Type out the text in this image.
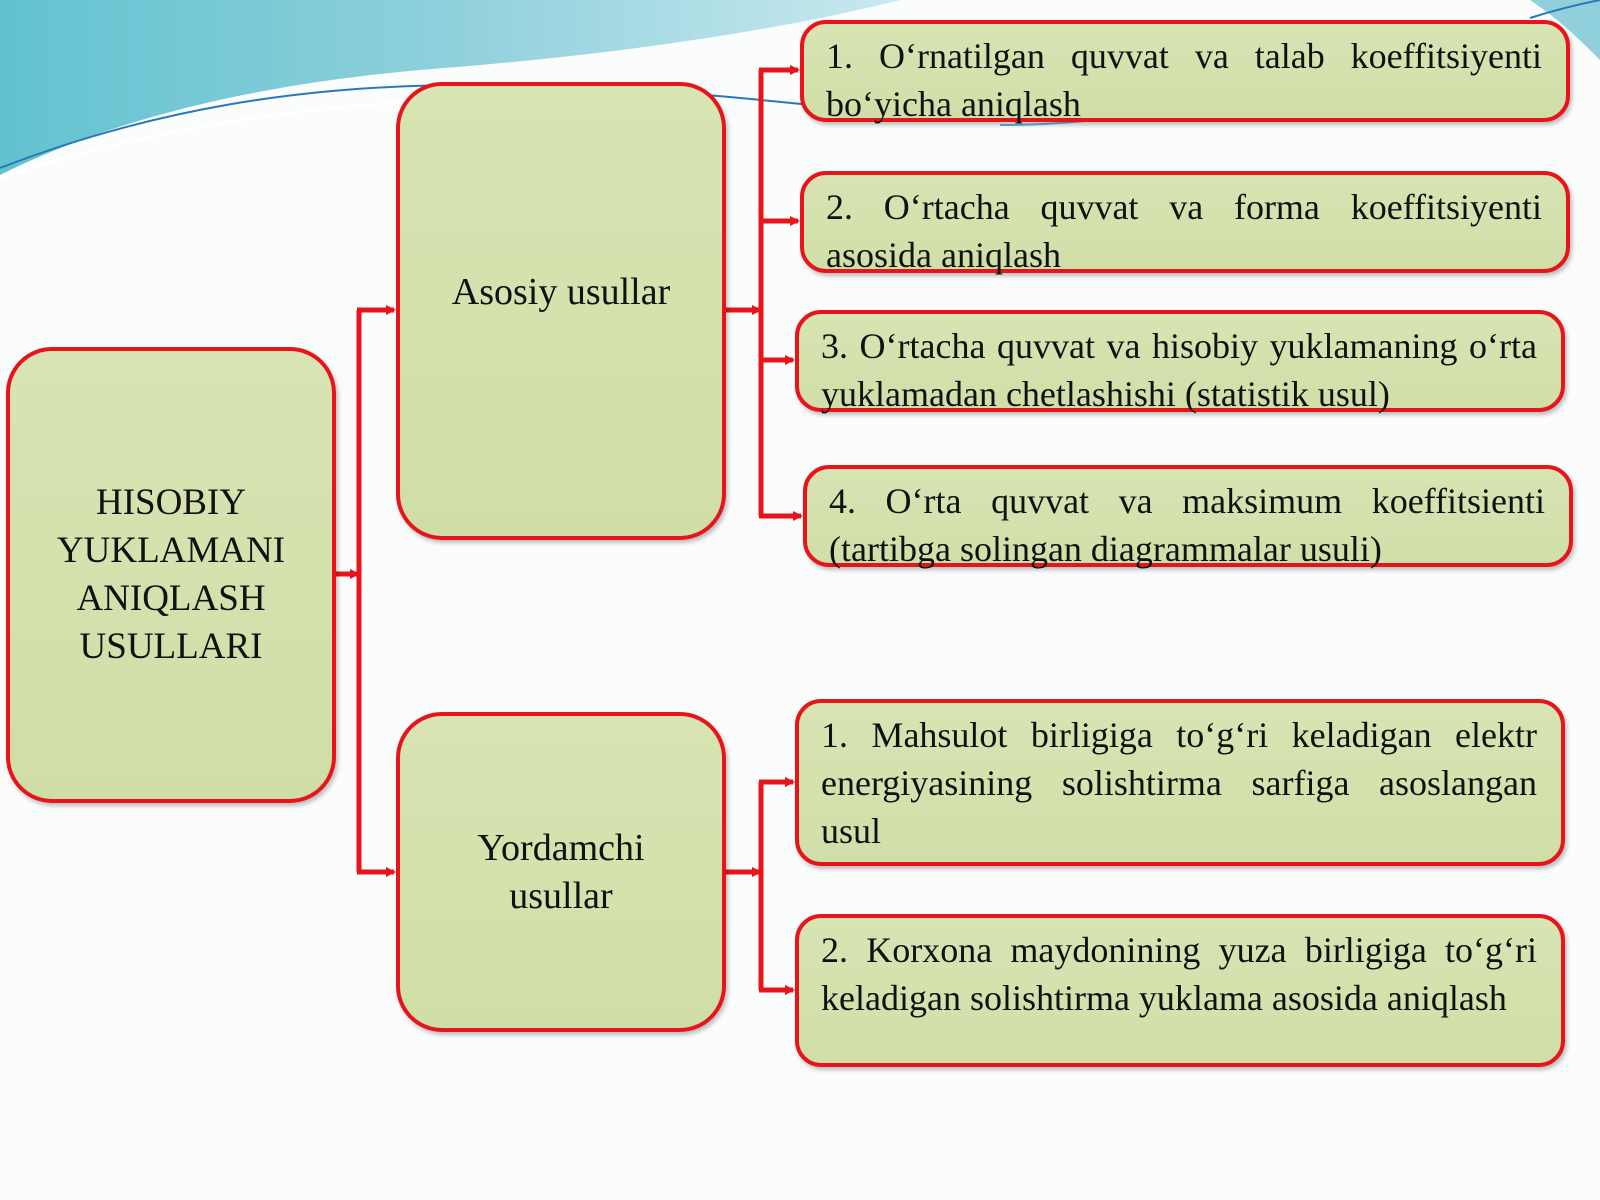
HISOBIY
YUKLAMANI
ANIQLASH
USULLARI
Asosiy usullar
Yordamchi
usullar
1. O‘rnatilgan quvvat va talab koeffitsiyenti bo‘yicha aniqlash
2. O‘rtacha quvvat va forma koeffitsiyenti asosida aniqlash
3. O‘rtacha quvvat va hisobiy yuklamaning o‘rta yuklamadan chetlashishi (statistik usul)
4. O‘rta quvvat va maksimum koeffitsienti (tartibga solingan diagrammalar usuli)
1. Mahsulot birligiga to‘g‘ri keladigan elektr energiyasining solishtirma sarfiga asoslangan usul
2. Korxona maydonining yuza birligiga to‘g‘ri keladigan solishtirma yuklama asosida aniqlash
